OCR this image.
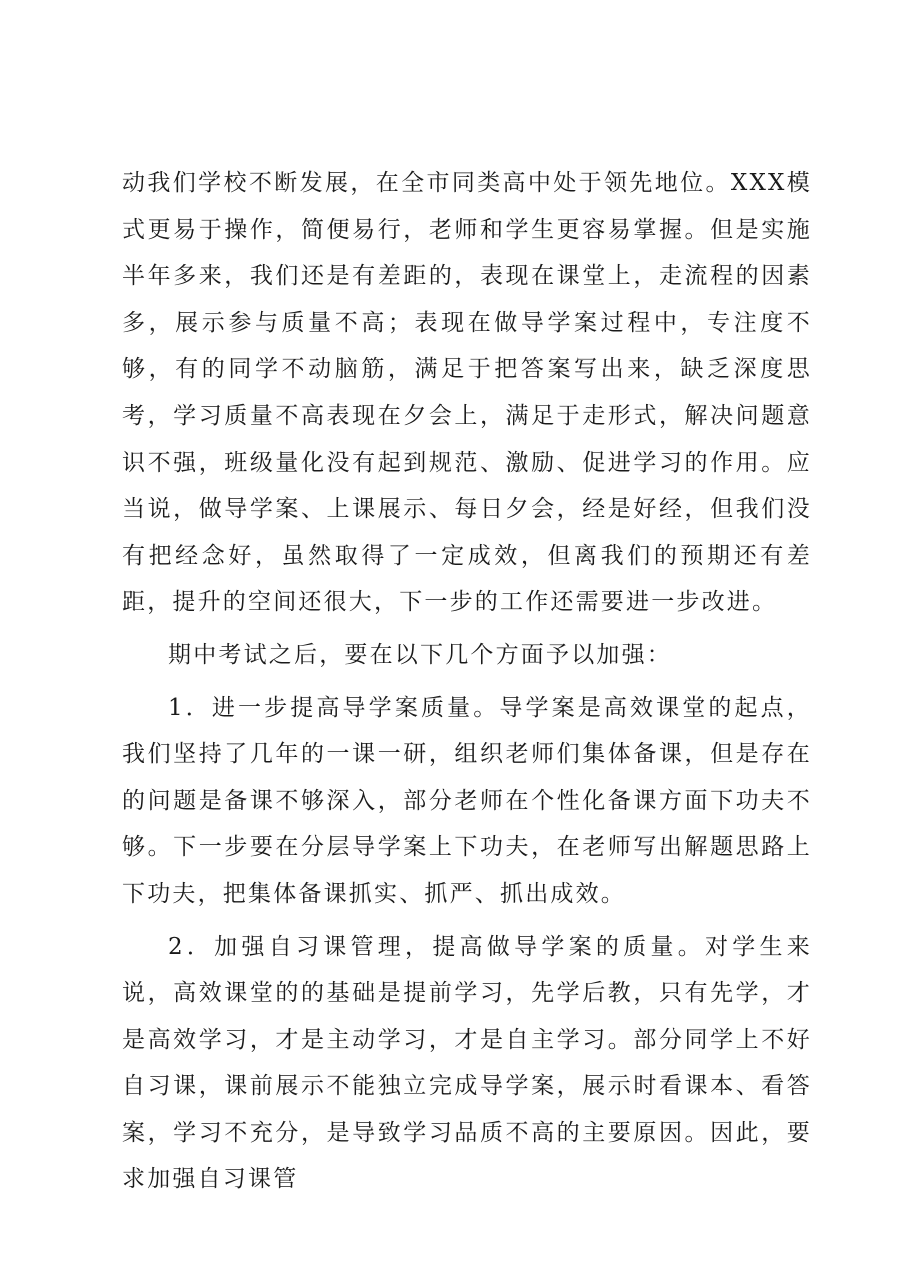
动我们学校不断发展，在全市同类高中处于领先地位。XXX模式更易于操作，简便易行，老师和学生更容易掌握。但是实施半年多来，我们还是有差距的，表现在课堂上，走流程的因素多，展示参与质量不高；表现在做导学案过程中，专注度不够，有的同学不动脑筋，满足于把答案写出来，缺乏深度思考，学习质量不高表现在夕会上，满足于走形式，解决问题意识不强，班级量化没有起到规范、激励、促进学习的作用。应当说，做导学案、上课展示、每日夕会，经是好经，但我们没有把经念好，虽然取得了一定成效，但离我们的预期还有差距，提升的空间还很大，下一步的工作还需要进一步改进。

期中考试之后，要在以下几个方面予以加强：

1．进一步提高导学案质量。导学案是高效课堂的起点，我们坚持了几年的一课一研，组织老师们集体备课，但是存在的问题是备课不够深入，部分老师在个性化备课方面下功夫不够。下一步要在分层导学案上下功夫，在老师写出解题思路上下功夫，把集体备课抓实、抓严、抓出成效。

2．加强自习课管理，提高做导学案的质量。对学生来说，高效课堂的的基础是提前学习，先学后教，只有先学，才是高效学习，才是主动学习，才是自主学习。部分同学上不好自习课，课前展示不能独立完成导学案，展示时看课本、看答案，学习不充分，是导致学习品质不高的主要原因。因此，要求加强自习课管
